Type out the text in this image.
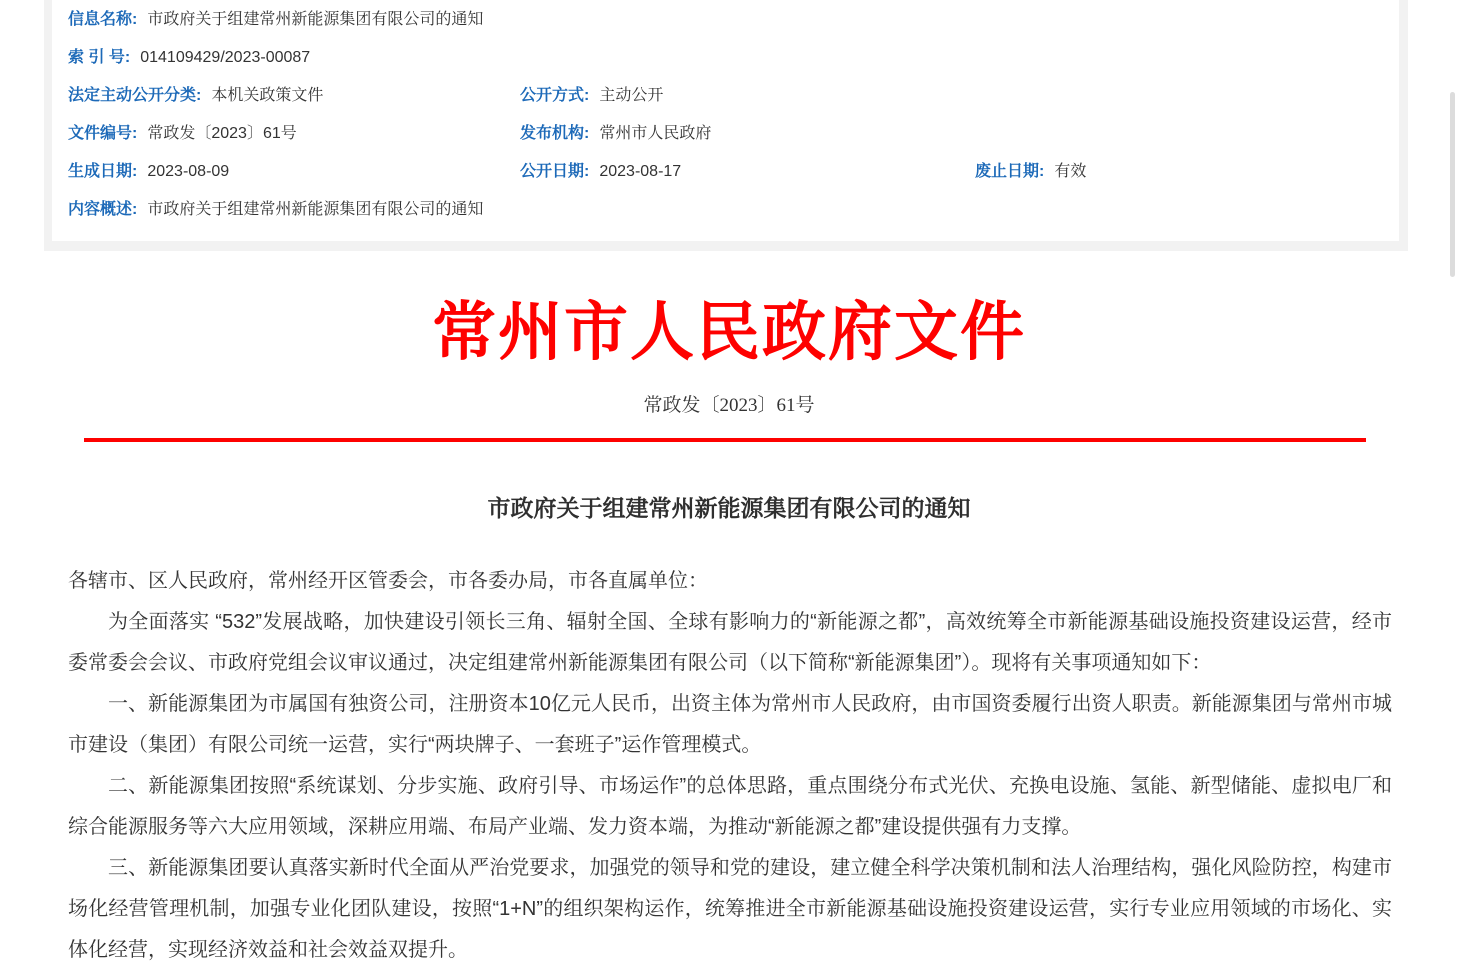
信息名称: 市政府关于组建常州新能源集团有限公司的通知
索 引 号: 014109429/2023-00087
法定主动公开分类: 本机关政策文件	公开方式: 主动公开
文件编号: 常政发〔2023〕61号	发布机构: 常州市人民政府
生成日期: 2023-08-09	公开日期: 2023-08-17	废止日期: 有效
内容概述: 市政府关于组建常州新能源集团有限公司的通知
常州市人民政府文件
常政发〔2023〕61号
市政府关于组建常州新能源集团有限公司的通知

各辖市、区人民政府，常州经开区管委会，市各委办局，市各直属单位：

为全面落实 “532”发展战略，加快建设引领长三角、辐射全国、全球有影响力的“新能源之都”，高效统筹全市新能源基础设施投资建设运营，经市委常委会会议、市政府党组会议审议通过，决定组建常州新能源集团有限公司（以下简称“新能源集团”）。现将有关事项通知如下：

一、新能源集团为市属国有独资公司，注册资本10亿元人民币，出资主体为常州市人民政府，由市国资委履行出资人职责。新能源集团与常州市城市建设（集团）有限公司统一运营，实行“两块牌子、一套班子”运作管理模式。

二、新能源集团按照“系统谋划、分步实施、政府引导、市场运作”的总体思路，重点围绕分布式光伏、充换电设施、氢能、新型储能、虚拟电厂和综合能源服务等六大应用领域，深耕应用端、布局产业端、发力资本端，为推动“新能源之都”建设提供强有力支撑。

三、新能源集团要认真落实新时代全面从严治党要求，加强党的领导和党的建设，建立健全科学决策机制和法人治理结构，强化风险防控，构建市场化经营管理机制，加强专业化团队建设，按照“1+N”的组织架构运作，统筹推进全市新能源基础设施投资建设运营，实行专业应用领域的市场化、实体化经营，实现经济效益和社会效益双提升。
